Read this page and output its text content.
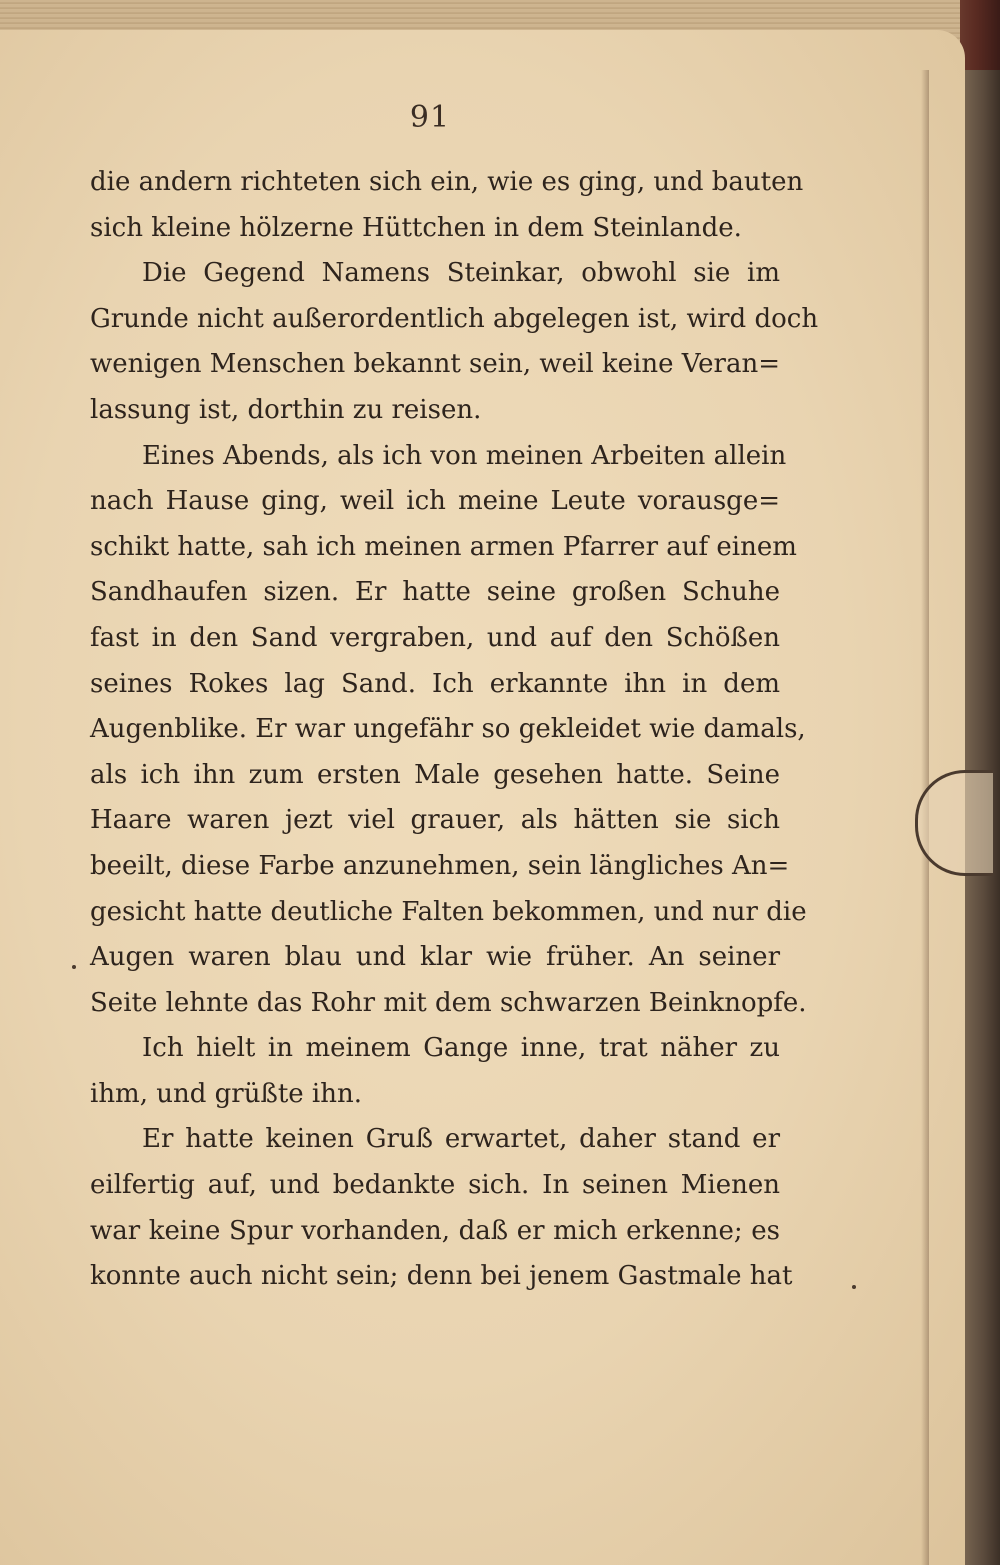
91
die andern richteten sich ein, wie es ging, und bauten
sich kleine hölzerne Hüttchen in dem Steinlande.
Die Gegend Namens Steinkar, obwohl sie im
Grunde nicht außerordentlich abgelegen ist, wird doch
wenigen Menschen bekannt sein, weil keine Veran=
lassung ist, dorthin zu reisen.
Eines Abends, als ich von meinen Arbeiten allein
nach Hause ging, weil ich meine Leute vorausge=
schikt hatte, sah ich meinen armen Pfarrer auf einem
Sandhaufen sizen. Er hatte seine großen Schuhe
fast in den Sand vergraben, und auf den Schößen
seines Rokes lag Sand. Ich erkannte ihn in dem
Augenblike. Er war ungefähr so gekleidet wie damals,
als ich ihn zum ersten Male gesehen hatte. Seine
Haare waren jezt viel grauer, als hätten sie sich
beeilt, diese Farbe anzunehmen, sein längliches An=
gesicht hatte deutliche Falten bekommen, und nur die
Augen waren blau und klar wie früher. An seiner
Seite lehnte das Rohr mit dem schwarzen Beinknopfe.
Ich hielt in meinem Gange inne, trat näher zu
ihm, und grüßte ihn.
Er hatte keinen Gruß erwartet, daher stand er
eilfertig auf, und bedankte sich. In seinen Mienen
war keine Spur vorhanden, daß er mich erkenne; es
konnte auch nicht sein; denn bei jenem Gastmale hat
